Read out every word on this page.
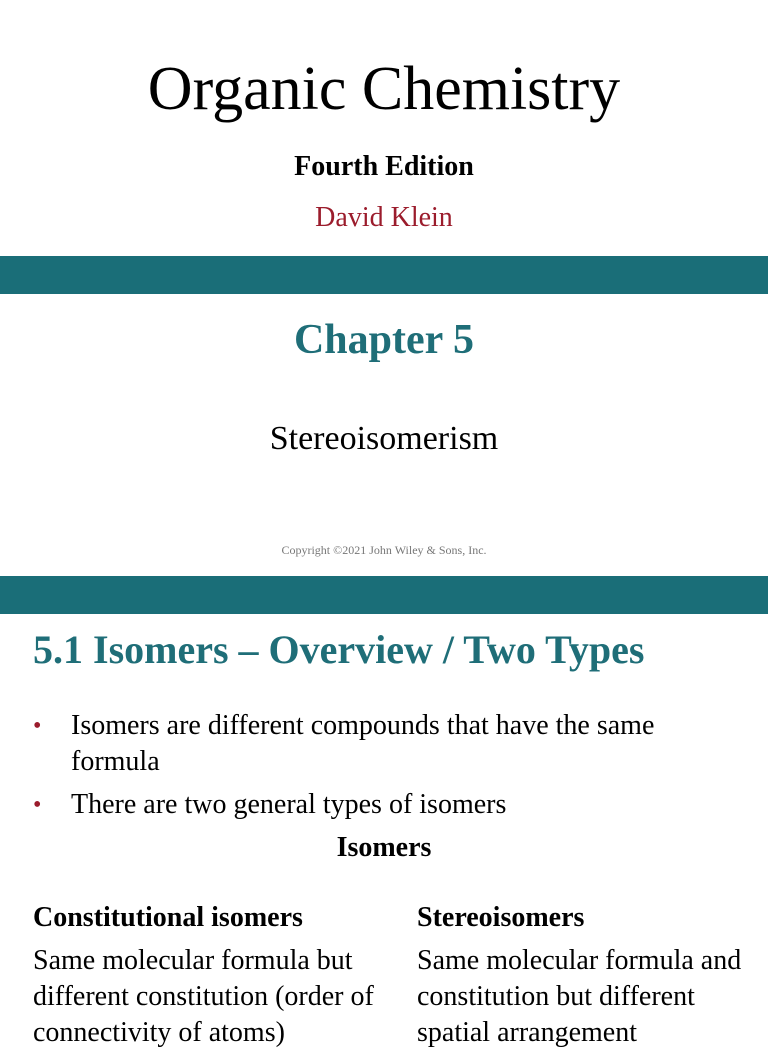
Organic Chemistry
Fourth Edition
David Klein
Chapter 5
Stereoisomerism
Copyright ©2021 John Wiley & Sons, Inc.
5.1 Isomers – Overview / Two Types
• Isomers are different compounds that have the same formula
• There are two general types of isomers
Isomers
Constitutional isomers
Same molecular formula but different constitution (order of connectivity of atoms)
Stereoisomers
Same molecular formula and constitution but different spatial arrangement
